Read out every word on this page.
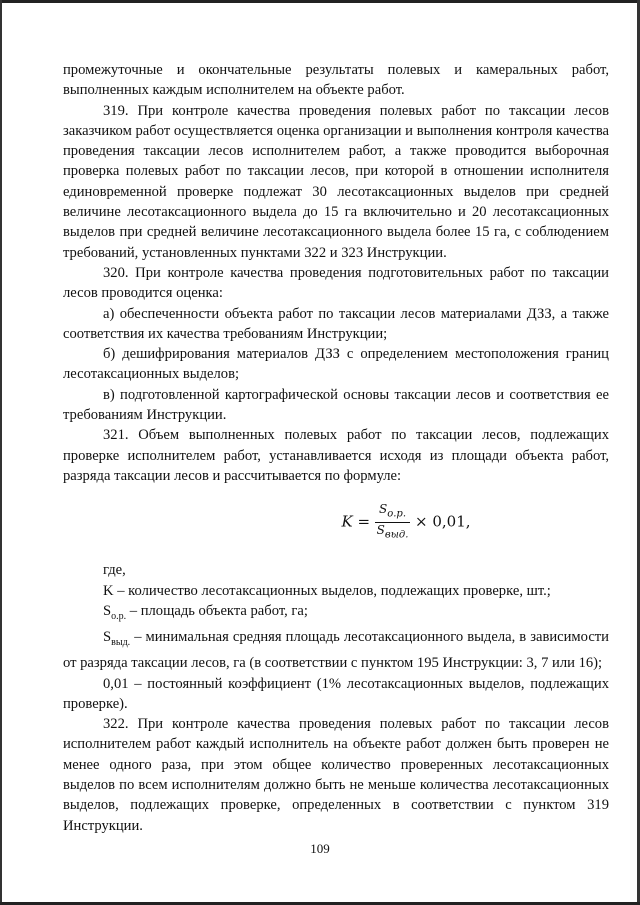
промежуточные и окончательные результаты полевых и камеральных работ, выполненных каждым исполнителем на объекте работ.

319. При контроле качества проведения полевых работ по таксации лесов заказчиком работ осуществляется оценка организации и выполнения контроля качества проведения таксации лесов исполнителем работ, а также проводится выборочная проверка полевых работ по таксации лесов, при которой в отношении исполнителя единовременной проверке подлежат 30 лесотаксационных выделов при средней величине лесотаксационного выдела до 15 га включительно и 20 лесотаксационных выделов при средней величине лесотаксационного выдела более 15 га, с соблюдением требований, установленных пунктами 322 и 323 Инструкции.

320. При контроле качества проведения подготовительных работ по таксации лесов проводится оценка:

а) обеспеченности объекта работ по таксации лесов материалами ДЗЗ, а также соответствия их качества требованиям Инструкции;

б) дешифрирования материалов ДЗЗ с определением местоположения границ лесотаксационных выделов;

в) подготовленной картографической основы таксации лесов и соответствия ее требованиям Инструкции.

321. Объем выполненных полевых работ по таксации лесов, подлежащих проверке исполнителем работ, устанавливается исходя из площади объекта работ, разряда таксации лесов и рассчитывается по формуле:

$K = \frac{S_{о.р.}}{S_{выд.}} \times 0,01$,

где,

K – количество лесотаксационных выделов, подлежащих проверке, шт.;

$S_{о.р.}$ – площадь объекта работ, га;

$S_{выд.}$ – минимальная средняя площадь лесотаксационного выдела, в зависимости от разряда таксации лесов, га (в соответствии с пунктом 195 Инструкции: 3, 7 или 16);

0,01 – постоянный коэффициент (1% лесотаксационных выделов, подлежащих проверке).

322. При контроле качества проведения полевых работ по таксации лесов исполнителем работ каждый исполнитель на объекте работ должен быть проверен не менее одного раза, при этом общее количество проверенных лесотаксационных выделов по всем исполнителям должно быть не меньше количества лесотаксационных выделов, подлежащих проверке, определенных в соответствии с пунктом 319 Инструкции.

109
